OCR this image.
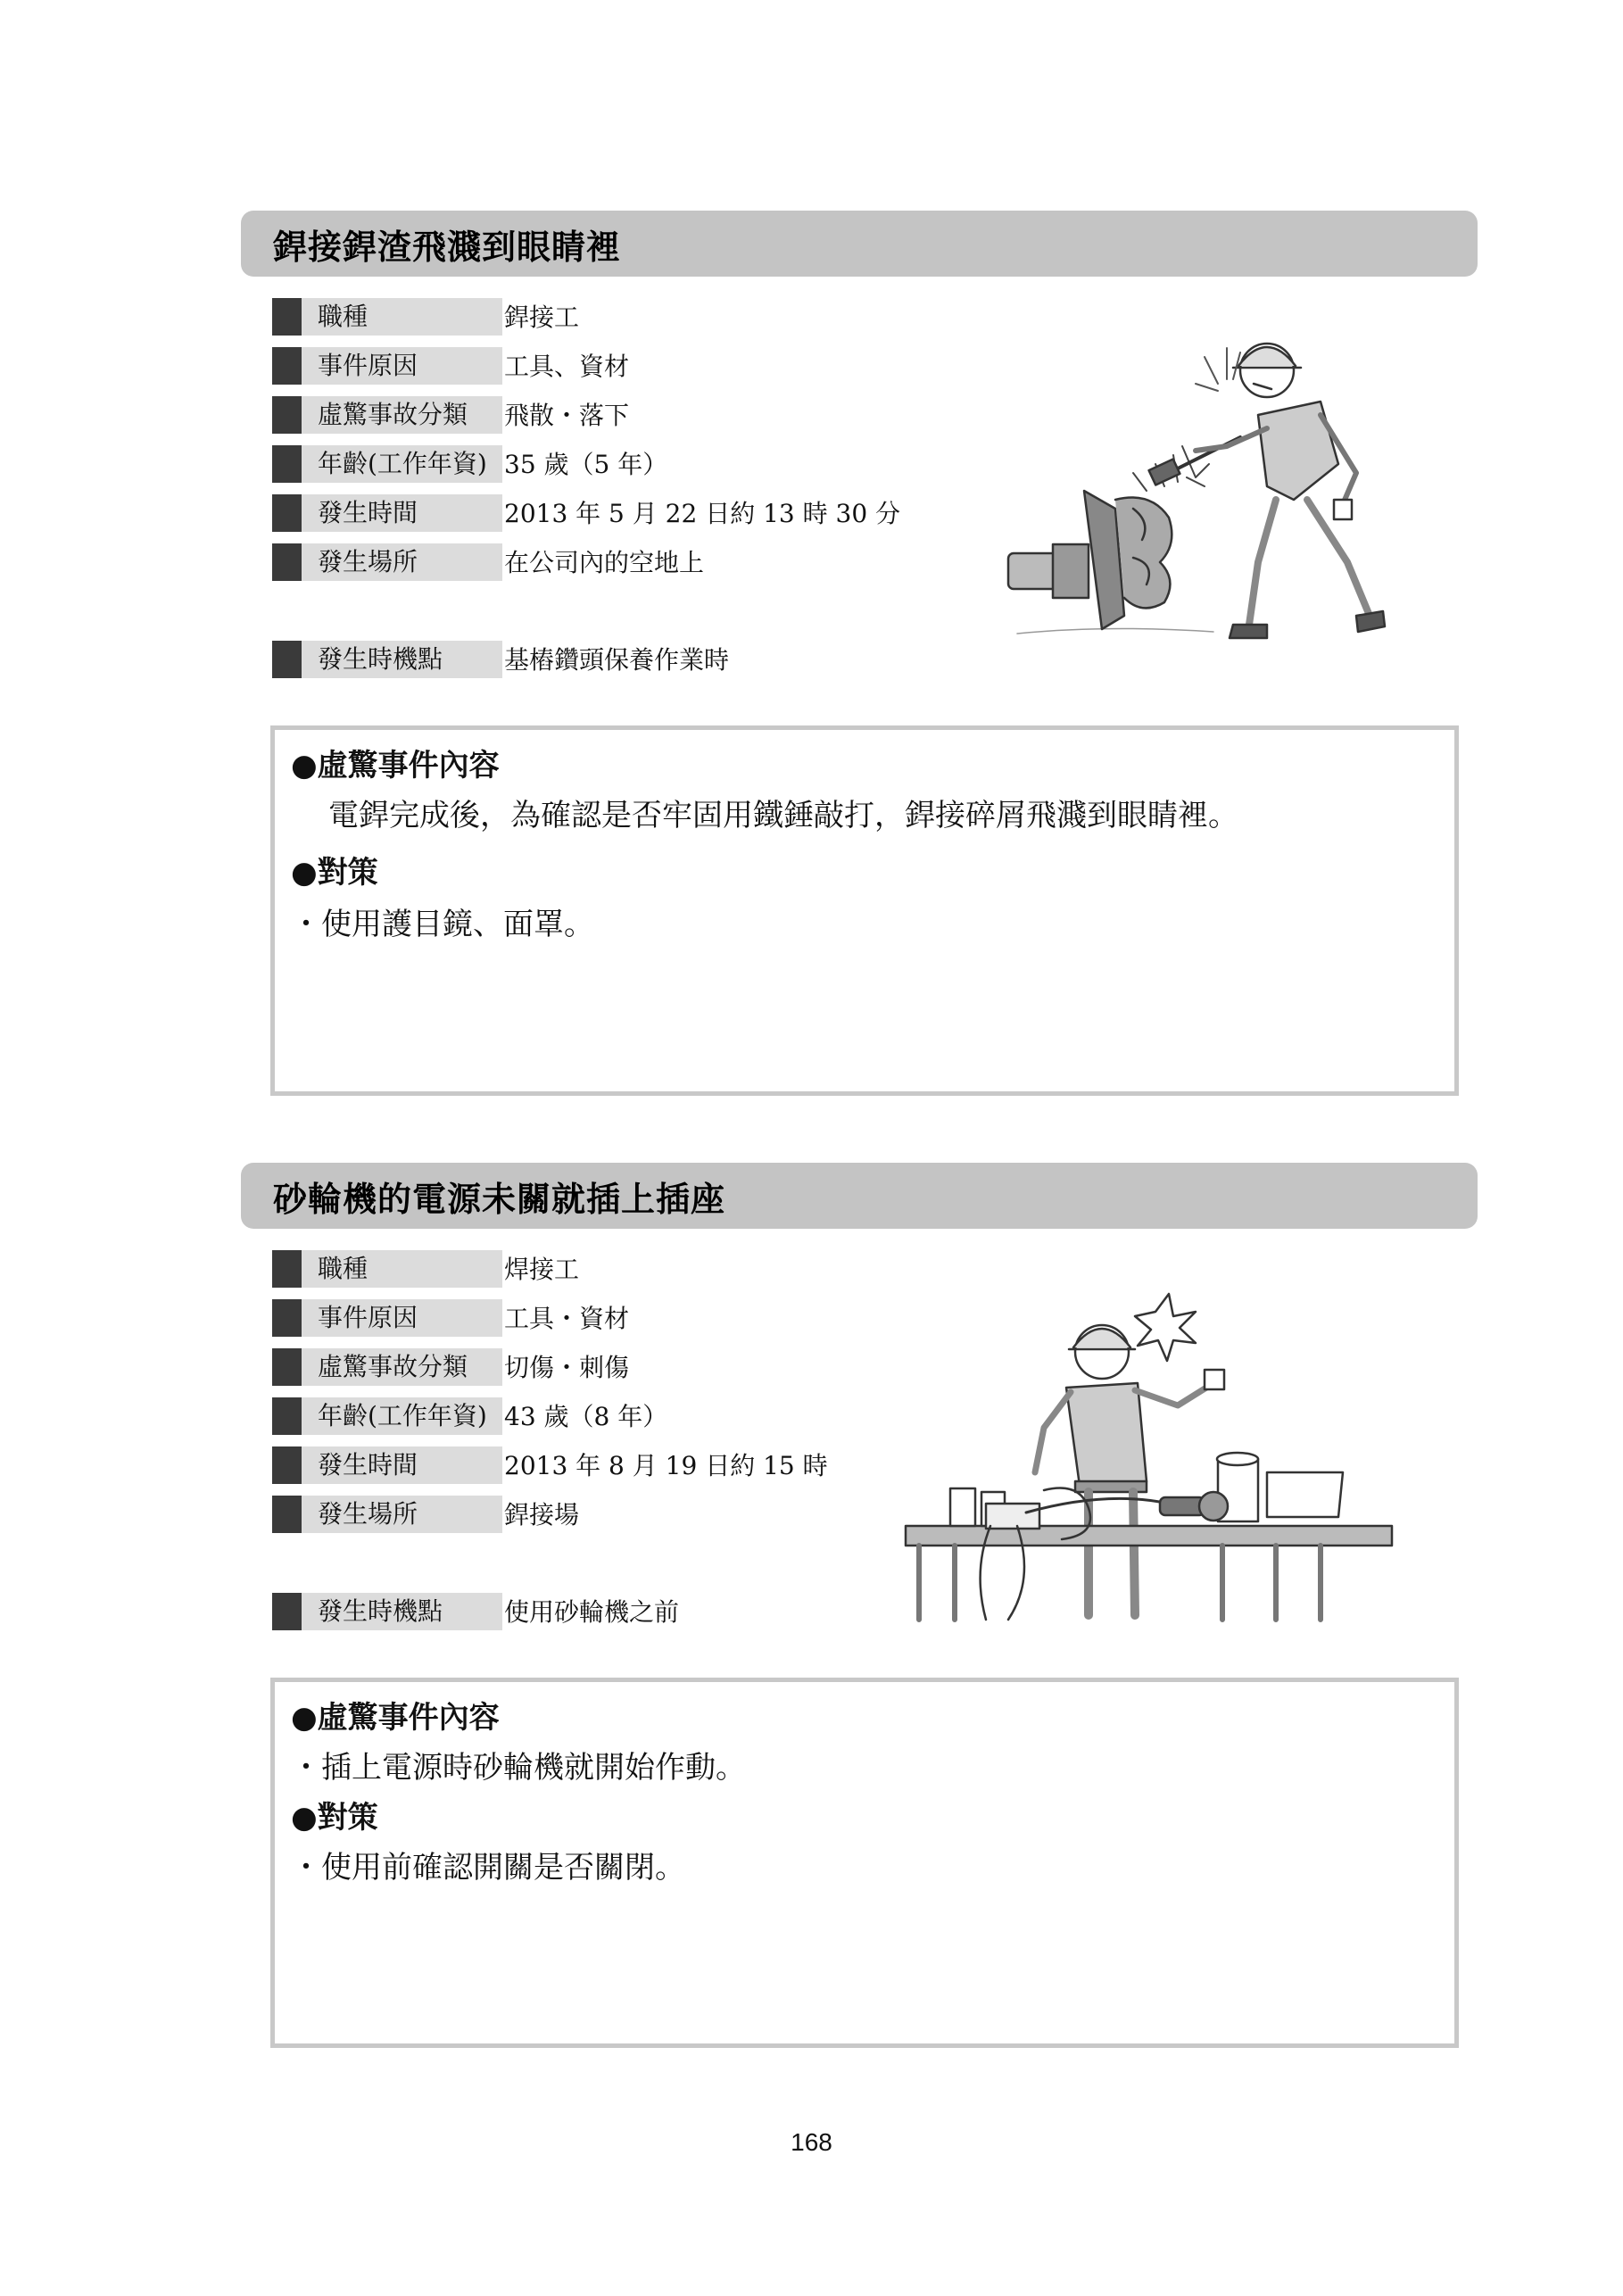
銲接銲渣飛濺到眼睛裡
職種	銲接工
事件原因	工具、資材
虛驚事故分類	飛散・落下
年齡(工作年資) 35 歲（5 年）
發生時間	2013 年 5 月 22 日約 13 時 30 分
發生場所	在公司內的空地上
發生時機點	基樁鑽頭保養作業時
●虛驚事件內容
電銲完成後，為確認是否牢固用鐵錘敲打，銲接碎屑飛濺到眼睛裡。
●對策
・使用護目鏡、面罩。
砂輪機的電源未關就插上插座
職種	焊接工
事件原因	工具・資材
虛驚事故分類	切傷・刺傷
年齡(工作年資) 43 歲（8 年）
發生時間	2013 年 8 月 19 日約 15 時
發生場所	銲接場
發生時機點	使用砂輪機之前
●虛驚事件內容
・插上電源時砂輪機就開始作動。
●對策
・使用前確認開關是否關閉。
168
